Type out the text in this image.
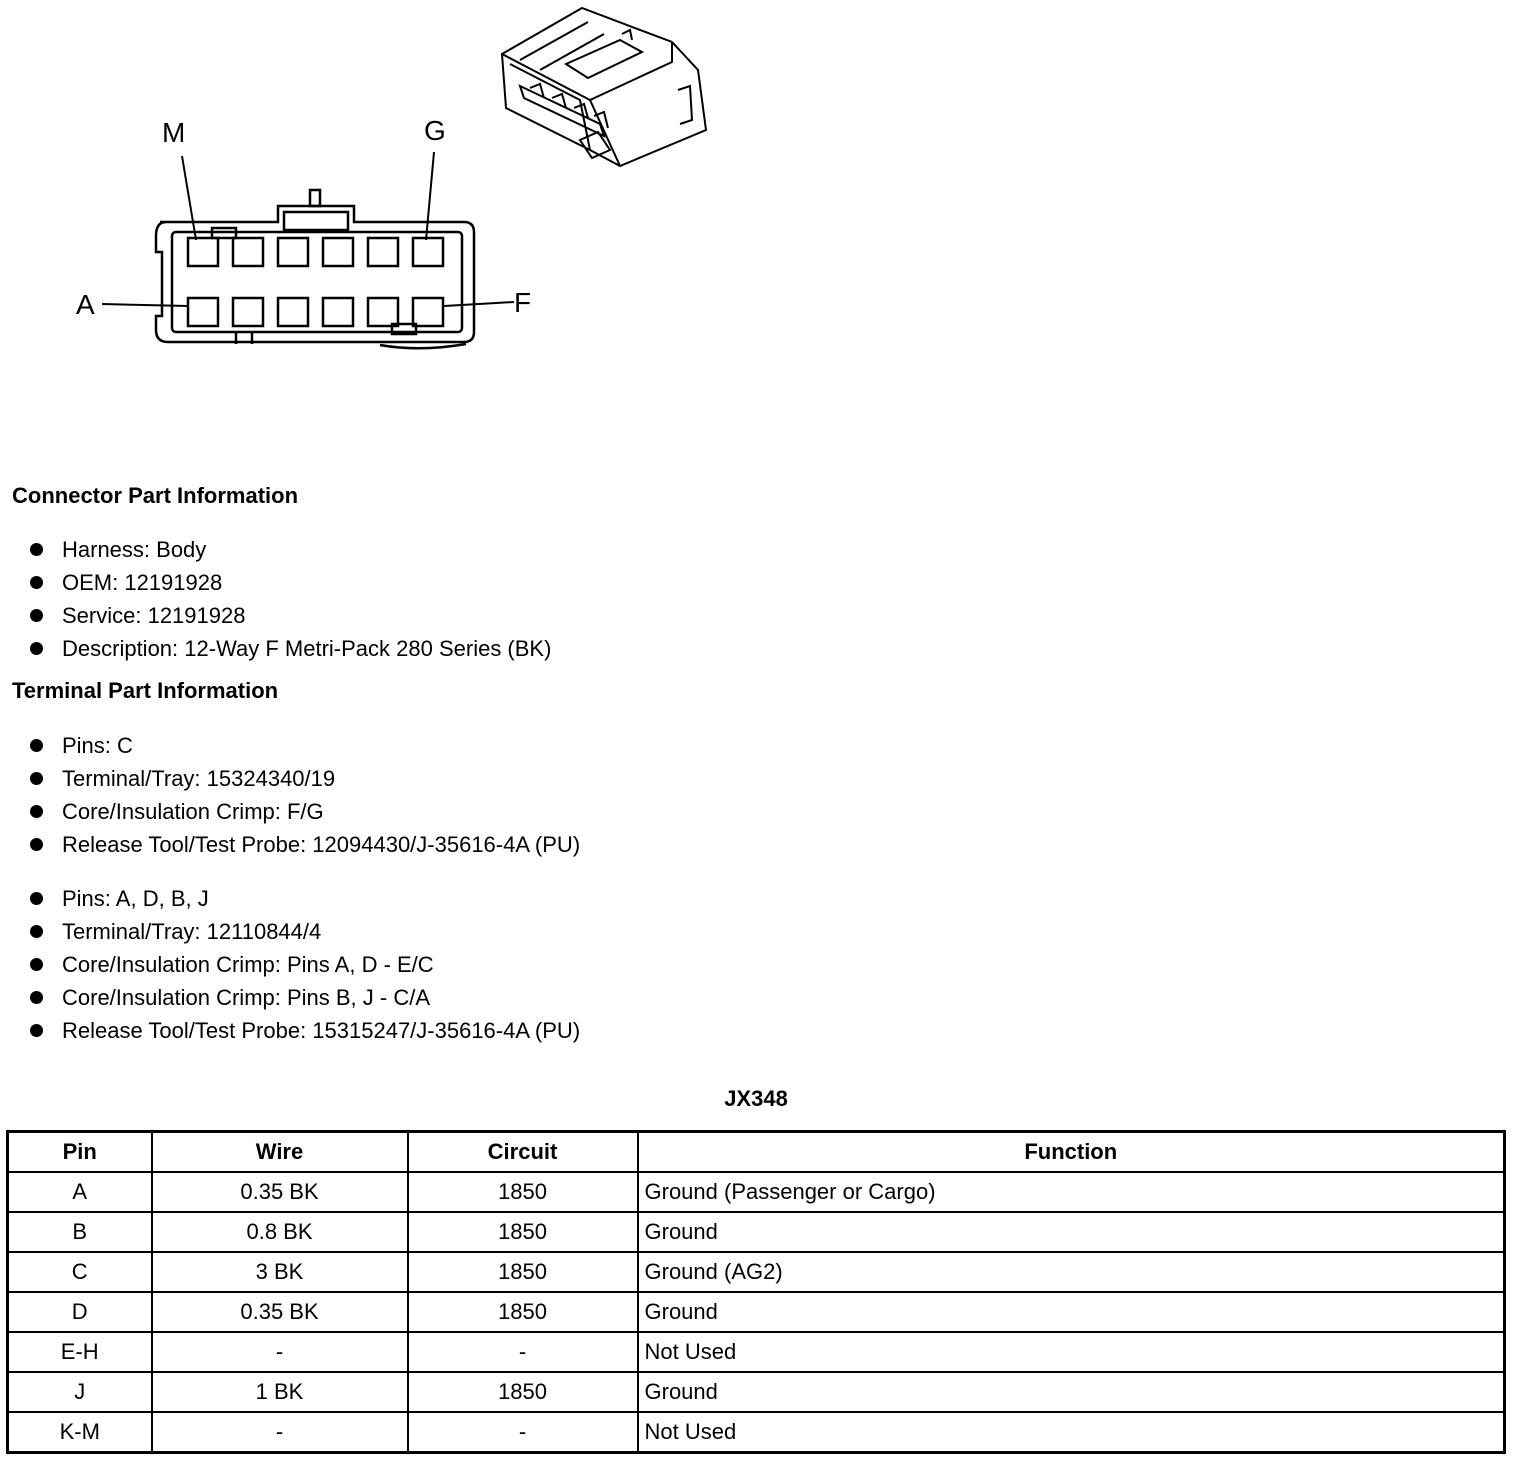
M	G
A	F
Connector Part Information
Harness: Body
OEM: 12191928
Service: 12191928
Description: 12-Way F Metri-Pack 280 Series (BK)
Terminal Part Information
Pins: C
Terminal/Tray: 15324340/19
Core/Insulation Crimp: F/G
Release Tool/Test Probe: 12094430/J-35616-4A (PU)
Pins: A, D, B, J
Terminal/Tray: 12110844/4
Core/Insulation Crimp: Pins A, D - E/C
Core/Insulation Crimp: Pins B, J - C/A
Release Tool/Test Probe: 15315247/J-35616-4A (PU)
JX348
Pin	Wire	Circuit	Function
A	0.35 BK	1850	Ground (Passenger or Cargo)
B	0.8 BK	1850	Ground
C	3 BK	1850	Ground (AG2)
D	0.35 BK	1850	Ground
E-H	-	-	Not Used
J	1 BK	1850	Ground
K-M	-	-	Not Used
